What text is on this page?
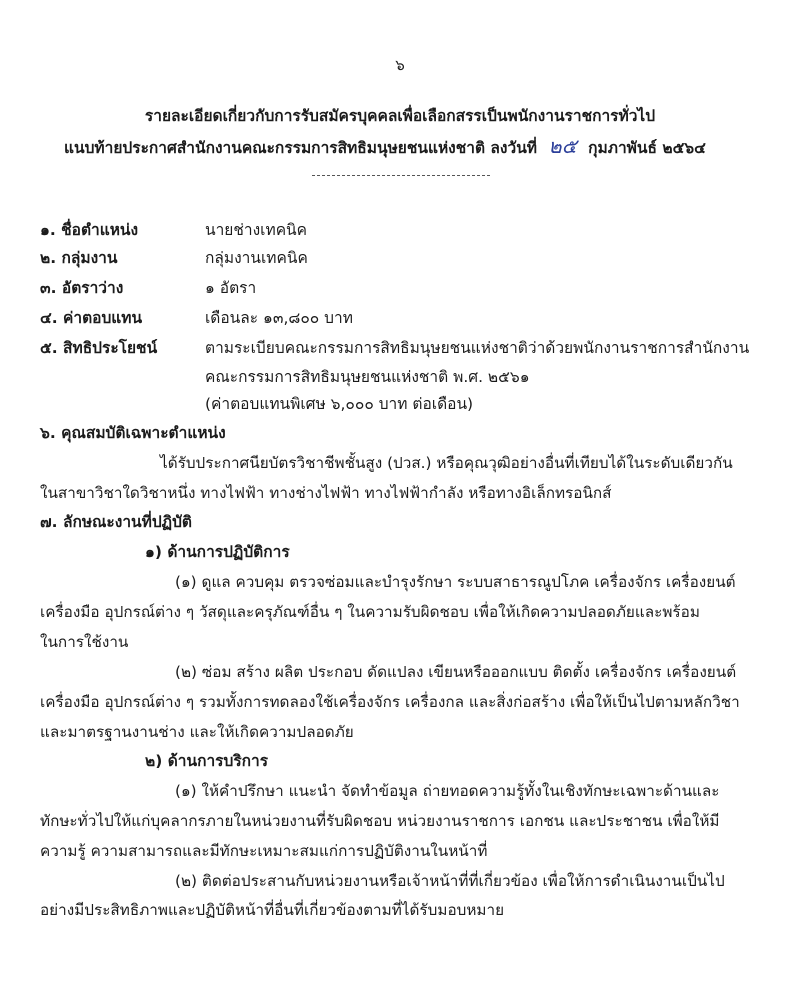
๖
รายละเอียดเกี่ยวกับการรับสมัครบุคคลเพื่อเลือกสรรเป็นพนักงานราชการทั่วไป
แนบท้ายประกาศสำนักงานคณะกรรมการสิทธิมนุษยชนแห่งชาติ ลงวันที่ ๒๕ กุมภาพันธ์ ๒๕๖๔
๑. ชื่อตำแหน่ง	นายช่างเทคนิค
๒. กลุ่มงาน	กลุ่มงานเทคนิค
๓. อัตราว่าง	๑ อัตรา
๔. ค่าตอบแทน	เดือนละ ๑๓,๘๐๐ บาท
๕. สิทธิประโยชน์	ตามระเบียบคณะกรรมการสิทธิมนุษยชนแห่งชาติว่าด้วยพนักงานราชการสำนักงาน
คณะกรรมการสิทธิมนุษยชนแห่งชาติ พ.ศ. ๒๕๖๑
(ค่าตอบแทนพิเศษ ๖,๐๐๐ บาท ต่อเดือน)
๖. คุณสมบัติเฉพาะตำแหน่ง
ได้รับประกาศนียบัตรวิชาชีพชั้นสูง (ปวส.) หรือคุณวุฒิอย่างอื่นที่เทียบได้ในระดับเดียวกัน
ในสาขาวิชาใดวิชาหนึ่ง ทางไฟฟ้า ทางช่างไฟฟ้า ทางไฟฟ้ากำลัง หรือทางอิเล็กทรอนิกส์
๗. ลักษณะงานที่ปฏิบัติ
๑) ด้านการปฏิบัติการ
(๑) ดูแล ควบคุม ตรวจซ่อมและบำรุงรักษา ระบบสาธารณูปโภค เครื่องจักร เครื่องยนต์
เครื่องมือ อุปกรณ์ต่าง ๆ วัสดุและครุภัณฑ์อื่น ๆ ในความรับผิดชอบ เพื่อให้เกิดความปลอดภัยและพร้อม
ในการใช้งาน
(๒) ซ่อม สร้าง ผลิต ประกอบ ดัดแปลง เขียนหรือออกแบบ ติดตั้ง เครื่องจักร เครื่องยนต์
เครื่องมือ อุปกรณ์ต่าง ๆ รวมทั้งการทดลองใช้เครื่องจักร เครื่องกล และสิ่งก่อสร้าง เพื่อให้เป็นไปตามหลักวิชา
และมาตรฐานงานช่าง และให้เกิดความปลอดภัย
๒) ด้านการบริการ
(๑) ให้คำปรึกษา แนะนำ จัดทำข้อมูล ถ่ายทอดความรู้ทั้งในเชิงทักษะเฉพาะด้านและ
ทักษะทั่วไปให้แก่บุคลากรภายในหน่วยงานที่รับผิดชอบ หน่วยงานราชการ เอกชน และประชาชน เพื่อให้มี
ความรู้ ความสามารถและมีทักษะเหมาะสมแก่การปฏิบัติงานในหน้าที่
(๒) ติดต่อประสานกับหน่วยงานหรือเจ้าหน้าที่ที่เกี่ยวข้อง เพื่อให้การดำเนินงานเป็นไป
อย่างมีประสิทธิภาพและปฏิบัติหน้าที่อื่นที่เกี่ยวข้องตามที่ได้รับมอบหมาย
